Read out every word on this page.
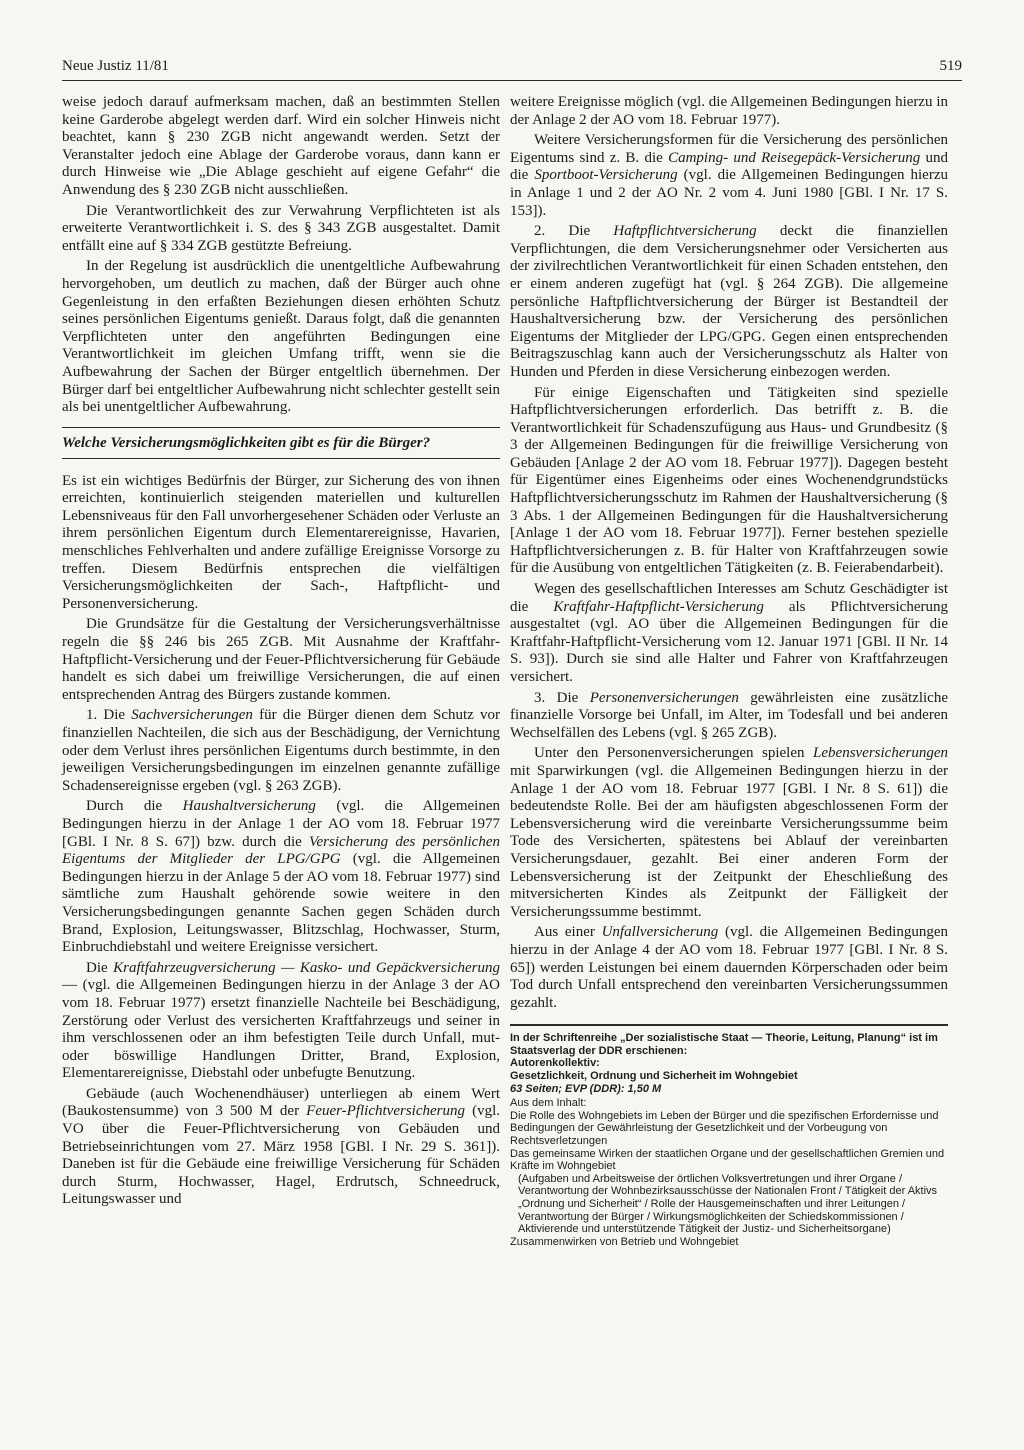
Neue Justiz 11/81	519

weise jedoch darauf aufmerksam machen, daß an bestimmten Stellen keine Garderobe abgelegt werden darf. Wird ein solcher Hinweis nicht beachtet, kann § 230 ZGB nicht angewandt werden. Setzt der Veranstalter jedoch eine Ablage der Garderobe voraus, dann kann er durch Hinweise wie „Die Ablage geschieht auf eigene Gefahr“ die Anwendung des § 230 ZGB nicht ausschließen.

Die Verantwortlichkeit des zur Verwahrung Verpflichteten ist als erweiterte Verantwortlichkeit i. S. des § 343 ZGB ausgestaltet. Damit entfällt eine auf § 334 ZGB gestützte Befreiung.

In der Regelung ist ausdrücklich die unentgeltliche Aufbewahrung hervorgehoben, um deutlich zu machen, daß der Bürger auch ohne Gegenleistung in den erfaßten Beziehungen diesen erhöhten Schutz seines persönlichen Eigentums genießt. Daraus folgt, daß die genannten Verpflichteten unter den angeführten Bedingungen eine Verantwortlichkeit im gleichen Umfang trifft, wenn sie die Aufbewahrung der Sachen der Bürger entgeltlich übernehmen. Der Bürger darf bei entgeltlicher Aufbewahrung nicht schlechter gestellt sein als bei unentgeltlicher Aufbewahrung.

Welche Versicherungsmöglichkeiten gibt es für die Bürger?

Es ist ein wichtiges Bedürfnis der Bürger, zur Sicherung des von ihnen erreichten, kontinuierlich steigenden materiellen und kulturellen Lebensniveaus für den Fall unvorhergesehener Schäden oder Verluste an ihrem persönlichen Eigentum durch Elementarereignisse, Havarien, menschliches Fehlverhalten und andere zufällige Ereignisse Vorsorge zu treffen. Diesem Bedürfnis entsprechen die vielfältigen Versicherungsmöglichkeiten der Sach-, Haftpflicht- und Personenversicherung.

Die Grundsätze für die Gestaltung der Versicherungsverhältnisse regeln die §§ 246 bis 265 ZGB. Mit Ausnahme der Kraftfahr-Haftpflicht-Versicherung und der Feuer-Pflichtversicherung für Gebäude handelt es sich dabei um freiwillige Versicherungen, die auf einen entsprechenden Antrag des Bürgers zustande kommen.

1. Die Sachversicherungen für die Bürger dienen dem Schutz vor finanziellen Nachteilen, die sich aus der Beschädigung, der Vernichtung oder dem Verlust ihres persönlichen Eigentums durch bestimmte, in den jeweiligen Versicherungsbedingungen im einzelnen genannte zufällige Schadensereignisse ergeben (vgl. § 263 ZGB).

Durch die Haushaltversicherung (vgl. die Allgemeinen Bedingungen hierzu in der Anlage 1 der AO vom 18. Februar 1977 [GBl. I Nr. 8 S. 67]) bzw. durch die Versicherung des persönlichen Eigentums der Mitglieder der LPG/GPG (vgl. die Allgemeinen Bedingungen hierzu in der Anlage 5 der AO vom 18. Februar 1977) sind sämtliche zum Haushalt gehörende sowie weitere in den Versicherungsbedingungen genannte Sachen gegen Schäden durch Brand, Explosion, Leitungswasser, Blitzschlag, Hochwasser, Sturm, Einbruchdiebstahl und weitere Ereignisse versichert.

Die Kraftfahrzeugversicherung — Kasko- und Gepäckversicherung — (vgl. die Allgemeinen Bedingungen hierzu in der Anlage 3 der AO vom 18. Februar 1977) ersetzt finanzielle Nachteile bei Beschädigung, Zerstörung oder Verlust des versicherten Kraftfahrzeugs und seiner in ihm verschlossenen oder an ihm befestigten Teile durch Unfall, mut- oder böswillige Handlungen Dritter, Brand, Explosion, Elementarereignisse, Diebstahl oder unbefugte Benutzung.

Gebäude (auch Wochenendhäuser) unterliegen ab einem Wert (Baukostensumme) von 3 500 M der Feuer-Pflichtversicherung (vgl. VO über die Feuer-Pflichtversicherung von Gebäuden und Betriebseinrichtungen vom 27. März 1958 [GBl. I Nr. 29 S. 361]). Daneben ist für die Gebäude eine freiwillige Versicherung für Schäden durch Sturm, Hochwasser, Hagel, Erdrutsch, Schneedruck, Leitungswasser und

weitere Ereignisse möglich (vgl. die Allgemeinen Bedingungen hierzu in der Anlage 2 der AO vom 18. Februar 1977).

Weitere Versicherungsformen für die Versicherung des persönlichen Eigentums sind z. B. die Camping- und Reisegepäck-Versicherung und die Sportboot-Versicherung (vgl. die Allgemeinen Bedingungen hierzu in Anlage 1 und 2 der AO Nr. 2 vom 4. Juni 1980 [GBl. I Nr. 17 S. 153]).

2. Die Haftpflichtversicherung deckt die finanziellen Verpflichtungen, die dem Versicherungsnehmer oder Versicherten aus der zivilrechtlichen Verantwortlichkeit für einen Schaden entstehen, den er einem anderen zugefügt hat (vgl. § 264 ZGB). Die allgemeine persönliche Haftpflichtversicherung der Bürger ist Bestandteil der Haushaltversicherung bzw. der Versicherung des persönlichen Eigentums der Mitglieder der LPG/GPG. Gegen einen entsprechenden Beitragszuschlag kann auch der Versicherungsschutz als Halter von Hunden und Pferden in diese Versicherung einbezogen werden.

Für einige Eigenschaften und Tätigkeiten sind spezielle Haftpflichtversicherungen erforderlich. Das betrifft z. B. die Verantwortlichkeit für Schadenszufügung aus Haus- und Grundbesitz (§ 3 der Allgemeinen Bedingungen für die freiwillige Versicherung von Gebäuden [Anlage 2 der AO vom 18. Februar 1977]). Dagegen besteht für Eigentümer eines Eigenheims oder eines Wochenendgrundstücks Haftpflichtversicherungsschutz im Rahmen der Haushaltversicherung (§ 3 Abs. 1 der Allgemeinen Bedingungen für die Haushaltversicherung [Anlage 1 der AO vom 18. Februar 1977]). Ferner bestehen spezielle Haftpflichtversicherungen z. B. für Halter von Kraftfahrzeugen sowie für die Ausübung von entgeltlichen Tätigkeiten (z. B. Feierabendarbeit).

Wegen des gesellschaftlichen Interesses am Schutz Geschädigter ist die Kraftfahr-Haftpflicht-Versicherung als Pflichtversicherung ausgestaltet (vgl. AO über die Allgemeinen Bedingungen für die Kraftfahr-Haftpflicht-Versicherung vom 12. Januar 1971 [GBl. II Nr. 14 S. 93]). Durch sie sind alle Halter und Fahrer von Kraftfahrzeugen versichert.

3. Die Personenversicherungen gewährleisten eine zusätzliche finanzielle Vorsorge bei Unfall, im Alter, im Todesfall und bei anderen Wechselfällen des Lebens (vgl. § 265 ZGB).

Unter den Personenversicherungen spielen Lebensversicherungen mit Sparwirkungen (vgl. die Allgemeinen Bedingungen hierzu in der Anlage 1 der AO vom 18. Februar 1977 [GBl. I Nr. 8 S. 61]) die bedeutendste Rolle. Bei der am häufigsten abgeschlossenen Form der Lebensversicherung wird die vereinbarte Versicherungssumme beim Tode des Versicherten, spätestens bei Ablauf der vereinbarten Versicherungsdauer, gezahlt. Bei einer anderen Form der Lebensversicherung ist der Zeitpunkt der Eheschließung des mitversicherten Kindes als Zeitpunkt der Fälligkeit der Versicherungssumme bestimmt.

Aus einer Unfallversicherung (vgl. die Allgemeinen Bedingungen hierzu in der Anlage 4 der AO vom 18. Februar 1977 [GBl. I Nr. 8 S. 65]) werden Leistungen bei einem dauernden Körperschaden oder beim Tod durch Unfall entsprechend den vereinbarten Versicherungssummen gezahlt.

In der Schriftenreihe „Der sozialistische Staat — Theorie, Leitung, Planung“ ist im Staatsverlag der DDR erschienen:

Autorenkollektiv:

Gesetzlichkeit, Ordnung und Sicherheit im Wohngebiet

63 Seiten; EVP (DDR): 1,50 M

Aus dem Inhalt:

Die Rolle des Wohngebiets im Leben der Bürger und die spezifischen Erfordernisse und Bedingungen der Gewährleistung der Gesetzlichkeit und der Vorbeugung von Rechtsverletzungen

Das gemeinsame Wirken der staatlichen Organe und der gesellschaftlichen Gremien und Kräfte im Wohngebiet

(Aufgaben und Arbeitsweise der örtlichen Volksvertretungen und ihrer Organe / Verantwortung der Wohnbezirksausschüsse der Nationalen Front / Tätigkeit der Aktivs „Ordnung und Sicherheit“ / Rolle der Hausgemeinschaften und ihrer Leitungen / Verantwortung der Bürger / Wirkungsmöglichkeiten der Schiedskommissionen / Aktivierende und unterstützende Tätigkeit der Justiz- und Sicherheitsorgane)

Zusammenwirken von Betrieb und Wohngebiet
